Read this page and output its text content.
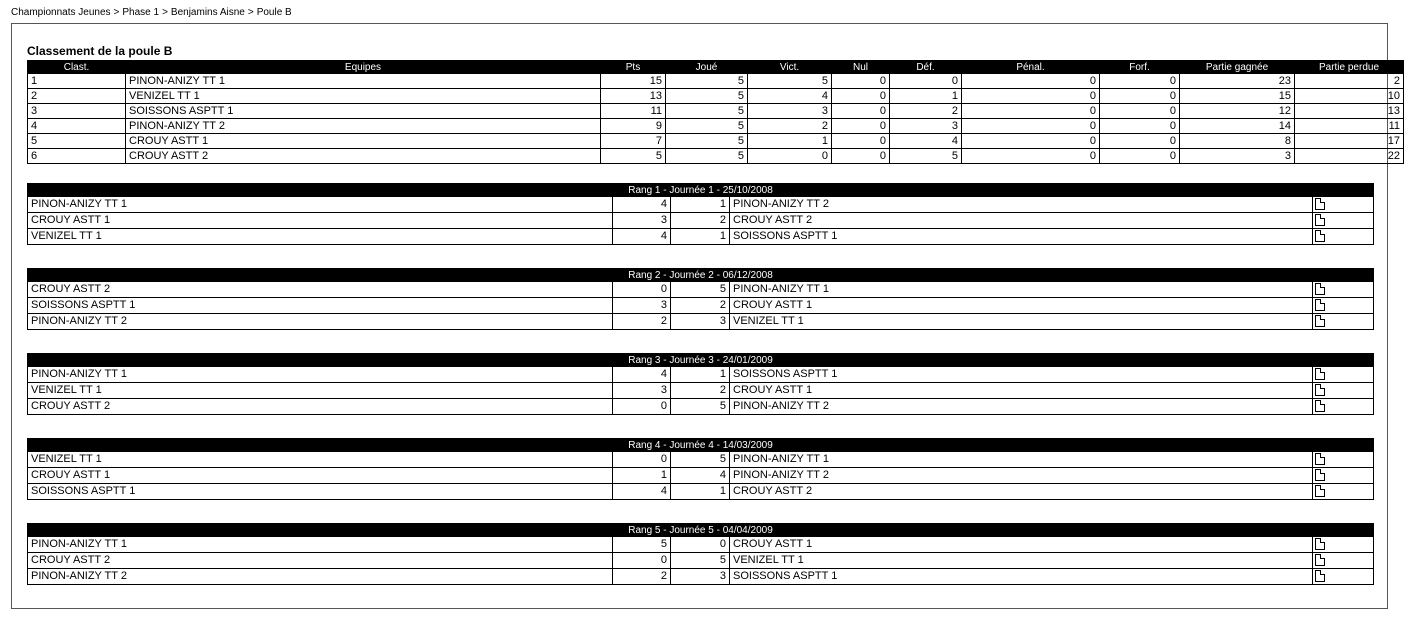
Championnats Jeunes > Phase 1 > Benjamins Aisne > Poule B
Classement de la poule B
Clast.	Equipes	Pts	Joué	Vict.	Nul	Déf.	Pénal.	Forf.	Partie gagnée	Partie perdue
1	PINON-ANIZY TT 1	15	5	5	0	0	0	0	23	2
2	VENIZEL TT 1	13	5	4	0	1	0	0	15	10
3	SOISSONS ASPTT 1	11	5	3	0	2	0	0	12	13
4	PINON-ANIZY TT 2	9	5	2	0	3	0	0	14	11
5	CROUY ASTT 1	7	5	1	0	4	0	0	8	17
6	CROUY ASTT 2	5	5	0	0	5	0	0	3	22
Rang 1 - Journée 1 - 25/10/2008				
PINON-ANIZY TT 1	4	1	PINON-ANIZY TT 2	
CROUY ASTT 1	3	2	CROUY ASTT 2	
VENIZEL TT 1	4	1	SOISSONS ASPTT 1	
Rang 2 - Journée 2 - 06/12/2008				
CROUY ASTT 2	0	5	PINON-ANIZY TT 1	
SOISSONS ASPTT 1	3	2	CROUY ASTT 1	
PINON-ANIZY TT 2	2	3	VENIZEL TT 1	
Rang 3 - Journée 3 - 24/01/2009				
PINON-ANIZY TT 1	4	1	SOISSONS ASPTT 1	
VENIZEL TT 1	3	2	CROUY ASTT 1	
CROUY ASTT 2	0	5	PINON-ANIZY TT 2	
Rang 4 - Journée 4 - 14/03/2009				
VENIZEL TT 1	0	5	PINON-ANIZY TT 1	
CROUY ASTT 1	1	4	PINON-ANIZY TT 2	
SOISSONS ASPTT 1	4	1	CROUY ASTT 2	
Rang 5 - Journée 5 - 04/04/2009				
PINON-ANIZY TT 1	5	0	CROUY ASTT 1	
CROUY ASTT 2	0	5	VENIZEL TT 1	
PINON-ANIZY TT 2	2	3	SOISSONS ASPTT 1	
